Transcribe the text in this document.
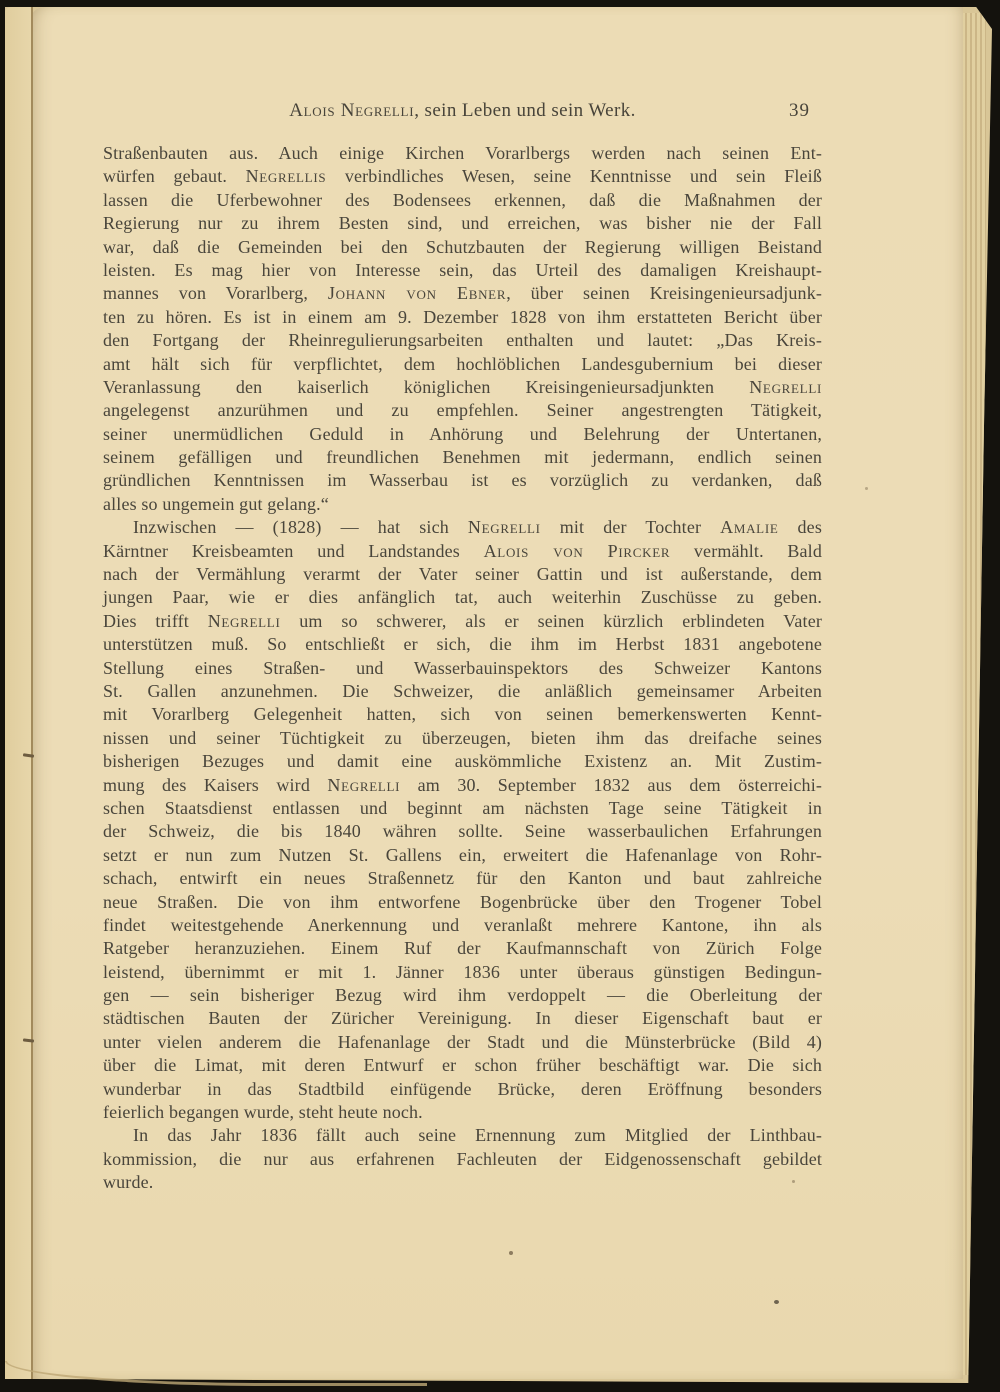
Alois Negrelli, sein Leben und sein Werk.	39
Straßenbauten aus. Auch einige Kirchen Vorarlbergs werden nach seinen Ent-
würfen gebaut. Negrellis verbindliches Wesen, seine Kenntnisse und sein Fleiß
lassen die Uferbewohner des Bodensees erkennen, daß die Maßnahmen der
Regierung nur zu ihrem Besten sind, und erreichen, was bisher nie der Fall
war, daß die Gemeinden bei den Schutzbauten der Regierung willigen Beistand
leisten. Es mag hier von Interesse sein, das Urteil des damaligen Kreishaupt-
mannes von Vorarlberg, Johann von Ebner, über seinen Kreisingenieursadjunk-
ten zu hören. Es ist in einem am 9. Dezember 1828 von ihm erstatteten Bericht über
den Fortgang der Rheinregulierungsarbeiten enthalten und lautet: „Das Kreis-
amt hält sich für verpflichtet, dem hochlöblichen Landesgubernium bei dieser
Veranlassung den kaiserlich königlichen Kreisingenieursadjunkten Negrelli
angelegenst anzurühmen und zu empfehlen. Seiner angestrengten Tätigkeit,
seiner unermüdlichen Geduld in Anhörung und Belehrung der Untertanen,
seinem gefälligen und freundlichen Benehmen mit jedermann, endlich seinen
gründlichen Kenntnissen im Wasserbau ist es vorzüglich zu verdanken, daß
alles so ungemein gut gelang.“
Inzwischen — (1828) — hat sich Negrelli mit der Tochter Amalie des
Kärntner Kreisbeamten und Landstandes Alois von Pircker vermählt. Bald
nach der Vermählung verarmt der Vater seiner Gattin und ist außerstande, dem
jungen Paar, wie er dies anfänglich tat, auch weiterhin Zuschüsse zu geben.
Dies trifft Negrelli um so schwerer, als er seinen kürzlich erblindeten Vater
unterstützen muß. So entschließt er sich, die ihm im Herbst 1831 angebotene
Stellung eines Straßen- und Wasserbauinspektors des Schweizer Kantons
St. Gallen anzunehmen. Die Schweizer, die anläßlich gemeinsamer Arbeiten
mit Vorarlberg Gelegenheit hatten, sich von seinen bemerkenswerten Kennt-
nissen und seiner Tüchtigkeit zu überzeugen, bieten ihm das dreifache seines
bisherigen Bezuges und damit eine auskömmliche Existenz an. Mit Zustim-
mung des Kaisers wird Negrelli am 30. September 1832 aus dem österreichi-
schen Staatsdienst entlassen und beginnt am nächsten Tage seine Tätigkeit in
der Schweiz, die bis 1840 währen sollte. Seine wasserbaulichen Erfahrungen
setzt er nun zum Nutzen St. Gallens ein, erweitert die Hafenanlage von Rohr-
schach, entwirft ein neues Straßennetz für den Kanton und baut zahlreiche
neue Straßen. Die von ihm entworfene Bogenbrücke über den Trogener Tobel
findet weitestgehende Anerkennung und veranlaßt mehrere Kantone, ihn als
Ratgeber heranzuziehen. Einem Ruf der Kaufmannschaft von Zürich Folge
leistend, übernimmt er mit 1. Jänner 1836 unter überaus günstigen Bedingun-
gen — sein bisheriger Bezug wird ihm verdoppelt — die Oberleitung der
städtischen Bauten der Züricher Vereinigung. In dieser Eigenschaft baut er
unter vielen anderem die Hafenanlage der Stadt und die Münsterbrücke (Bild 4)
über die Limat, mit deren Entwurf er schon früher beschäftigt war. Die sich
wunderbar in das Stadtbild einfügende Brücke, deren Eröffnung besonders
feierlich begangen wurde, steht heute noch.
In das Jahr 1836 fällt auch seine Ernennung zum Mitglied der Linthbau-
kommission, die nur aus erfahrenen Fachleuten der Eidgenossenschaft gebildet
wurde.
